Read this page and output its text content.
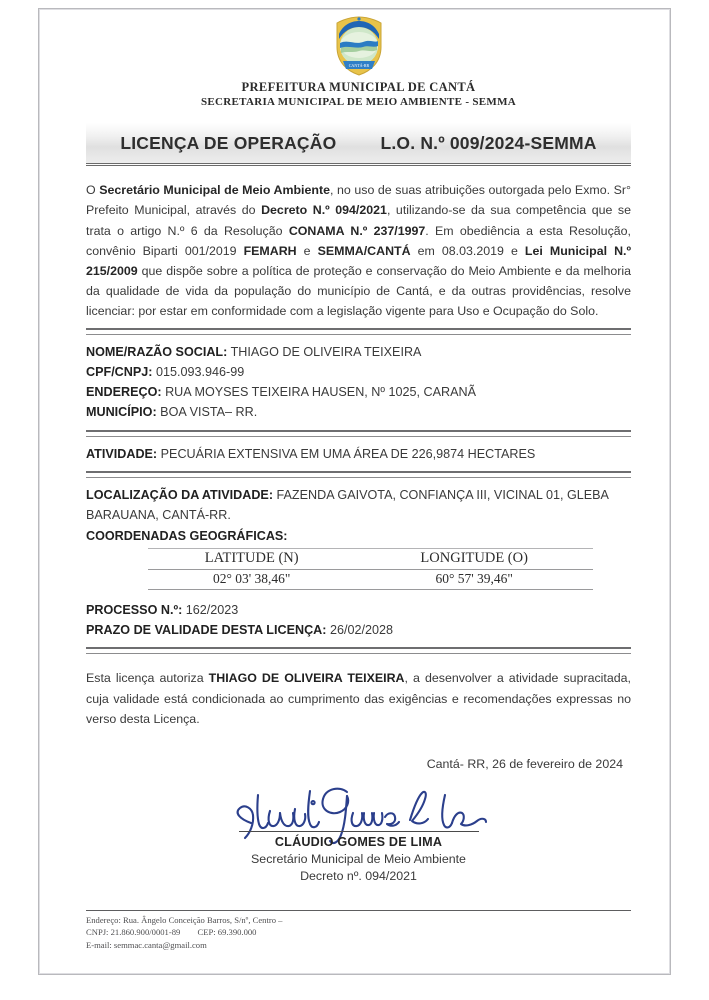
CANTÁ-RR
PREFEITURA MUNICIPAL DE CANTÁ
SECRETARIA MUNICIPAL DE MEIO AMBIENTE - SEMMA
LICENÇA DE OPERAÇÃO	L.O. N.º 009/2024-SEMMA

O Secretário Municipal de Meio Ambiente, no uso de suas atribuições outorgada pelo Exmo. Sr° Prefeito Municipal, através do Decreto N.º 094/2021, utilizando-se da sua competência que se trata o artigo N.º 6 da Resolução CONAMA N.º 237/1997. Em obediência a esta Resolução, convênio Biparti 001/2019 FEMARH e SEMMA/CANTÁ em 08.03.2019 e Lei Municipal N.º 215/2009 que dispõe sobre a política de proteção e conservação do Meio Ambiente e da melhoria da qualidade de vida da população do município de Cantá, e da outras providências, resolve licenciar: por estar em conformidade com a legislação vigente para Uso e Ocupação do Solo.

NOME/RAZÃO SOCIAL: THIAGO DE OLIVEIRA TEIXEIRA
CPF/CNPJ: 015.093.946-99
ENDEREÇO: RUA MOYSES TEIXEIRA HAUSEN, Nº 1025, CARANÃ
MUNICÍPIO: BOA VISTA– RR.
ATIVIDADE: PECUÁRIA EXTENSIVA EM UMA ÁREA DE 226,9874 HECTARES
LOCALIZAÇÃO DA ATIVIDADE: FAZENDA GAIVOTA, CONFIANÇA III, VICINAL 01, GLEBA BARAUANA, CANTÁ-RR.
COORDENADAS GEOGRÁFICAS:
LATITUDE (N)	LONGITUDE (O)
02° 03' 38,46"	60° 57' 39,46"
PROCESSO N.º: 162/2023
PRAZO DE VALIDADE DESTA LICENÇA: 26/02/2028

Esta licença autoriza THIAGO DE OLIVEIRA TEIXEIRA, a desenvolver a atividade supracitada, cuja validade está condicionada ao cumprimento das exigências e recomendações expressas no verso desta Licença.

Cantá- RR, 26 de fevereiro de 2024
CLÁUDIO GOMES DE LIMA
Secretário Municipal de Meio Ambiente
Decreto nº. 094/2021
Endereço: Rua. Ângelo Conceição Barros, S/nº, Centro –
CNPJ: 21.860.900/0001-89        CEP: 69.390.000
E-mail: semmac.canta@gmail.com
